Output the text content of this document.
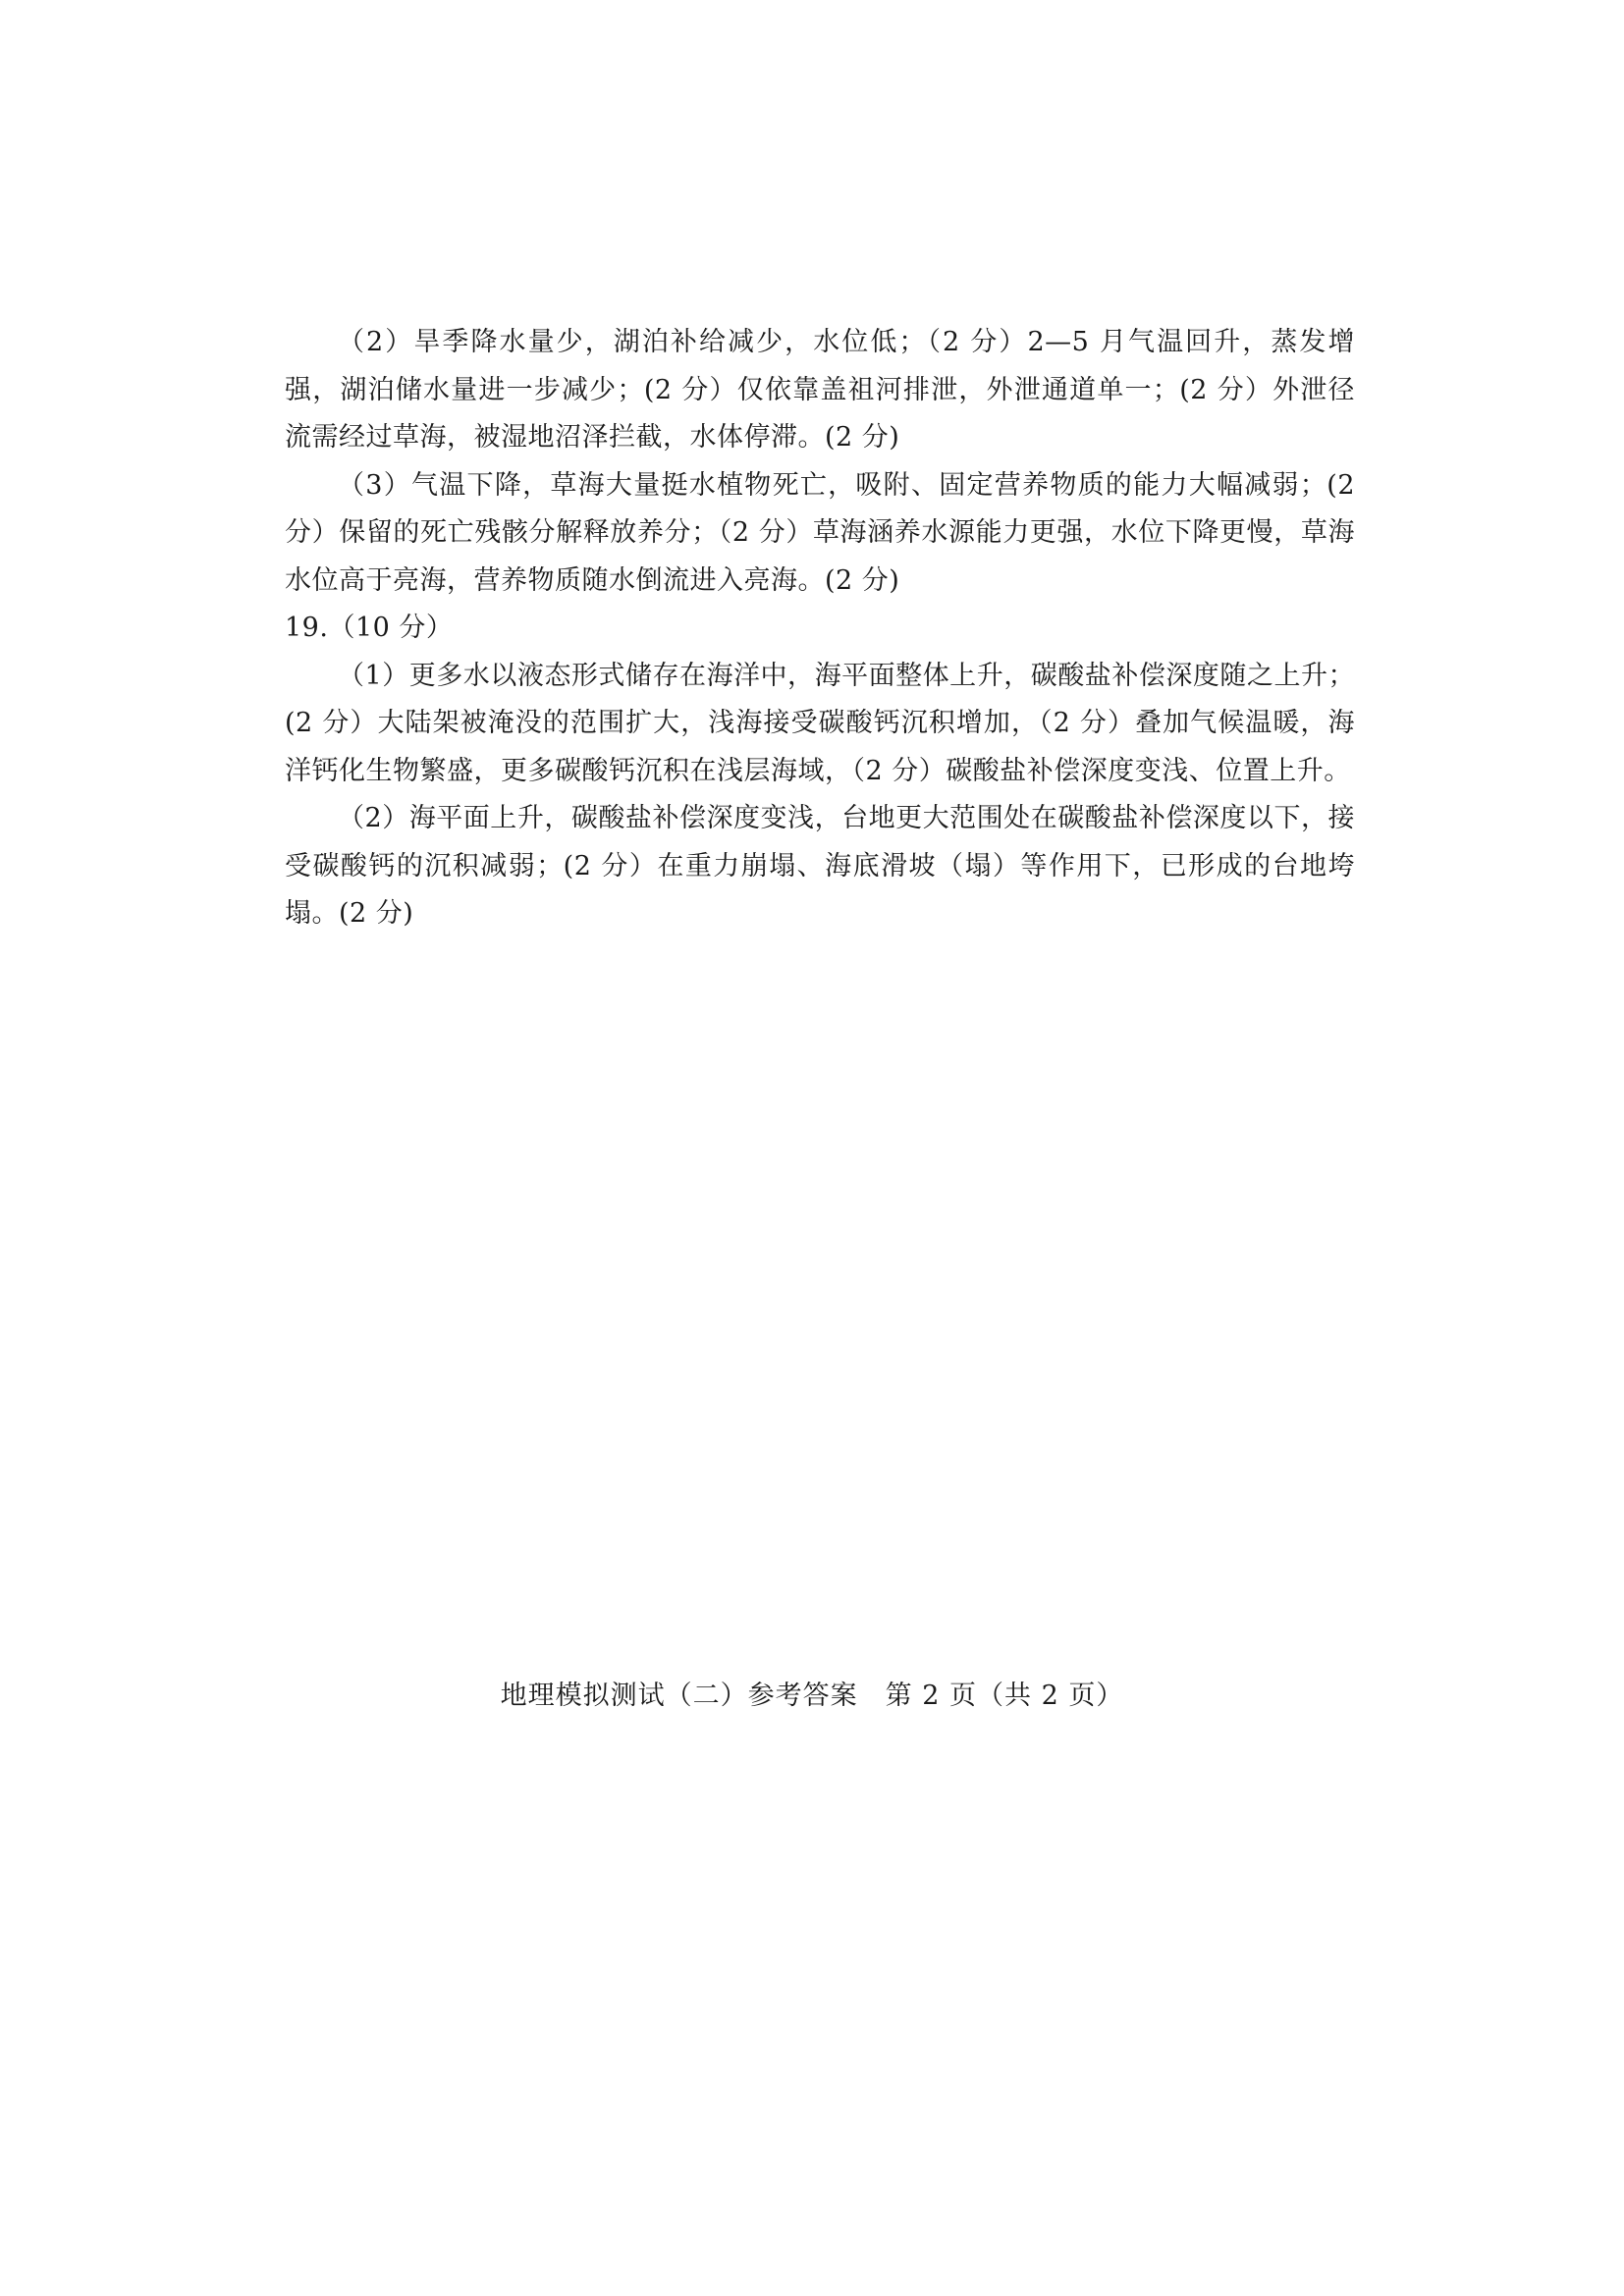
（2）旱季降水量少，湖泊补给减少，水位低；（2 分）2—5 月气温回升，蒸发增强，湖泊储水量进一步减少；(2 分）仅依靠盖祖河排泄，外泄通道单一；(2 分）外泄径流需经过草海，被湿地沼泽拦截，水体停滞。(2 分)

（3）气温下降，草海大量挺水植物死亡，吸附、固定营养物质的能力大幅减弱；(2 分）保留的死亡残骸分解释放养分；（2 分）草海涵养水源能力更强，水位下降更慢，草海水位高于亮海，营养物质随水倒流进入亮海。(2 分)

19.（10 分）

（1）更多水以液态形式储存在海洋中，海平面整体上升，碳酸盐补偿深度随之上升；(2 分）大陆架被淹没的范围扩大，浅海接受碳酸钙沉积增加，（2 分）叠加气候温暖，海洋钙化生物繁盛，更多碳酸钙沉积在浅层海域，（2 分）碳酸盐补偿深度变浅、位置上升。

（2）海平面上升，碳酸盐补偿深度变浅，台地更大范围处在碳酸盐补偿深度以下，接受碳酸钙的沉积减弱；(2 分）在重力崩塌、海底滑坡（塌）等作用下，已形成的台地垮塌。(2 分)

地理模拟测试（二）参考答案　第 2 页（共 2 页）
